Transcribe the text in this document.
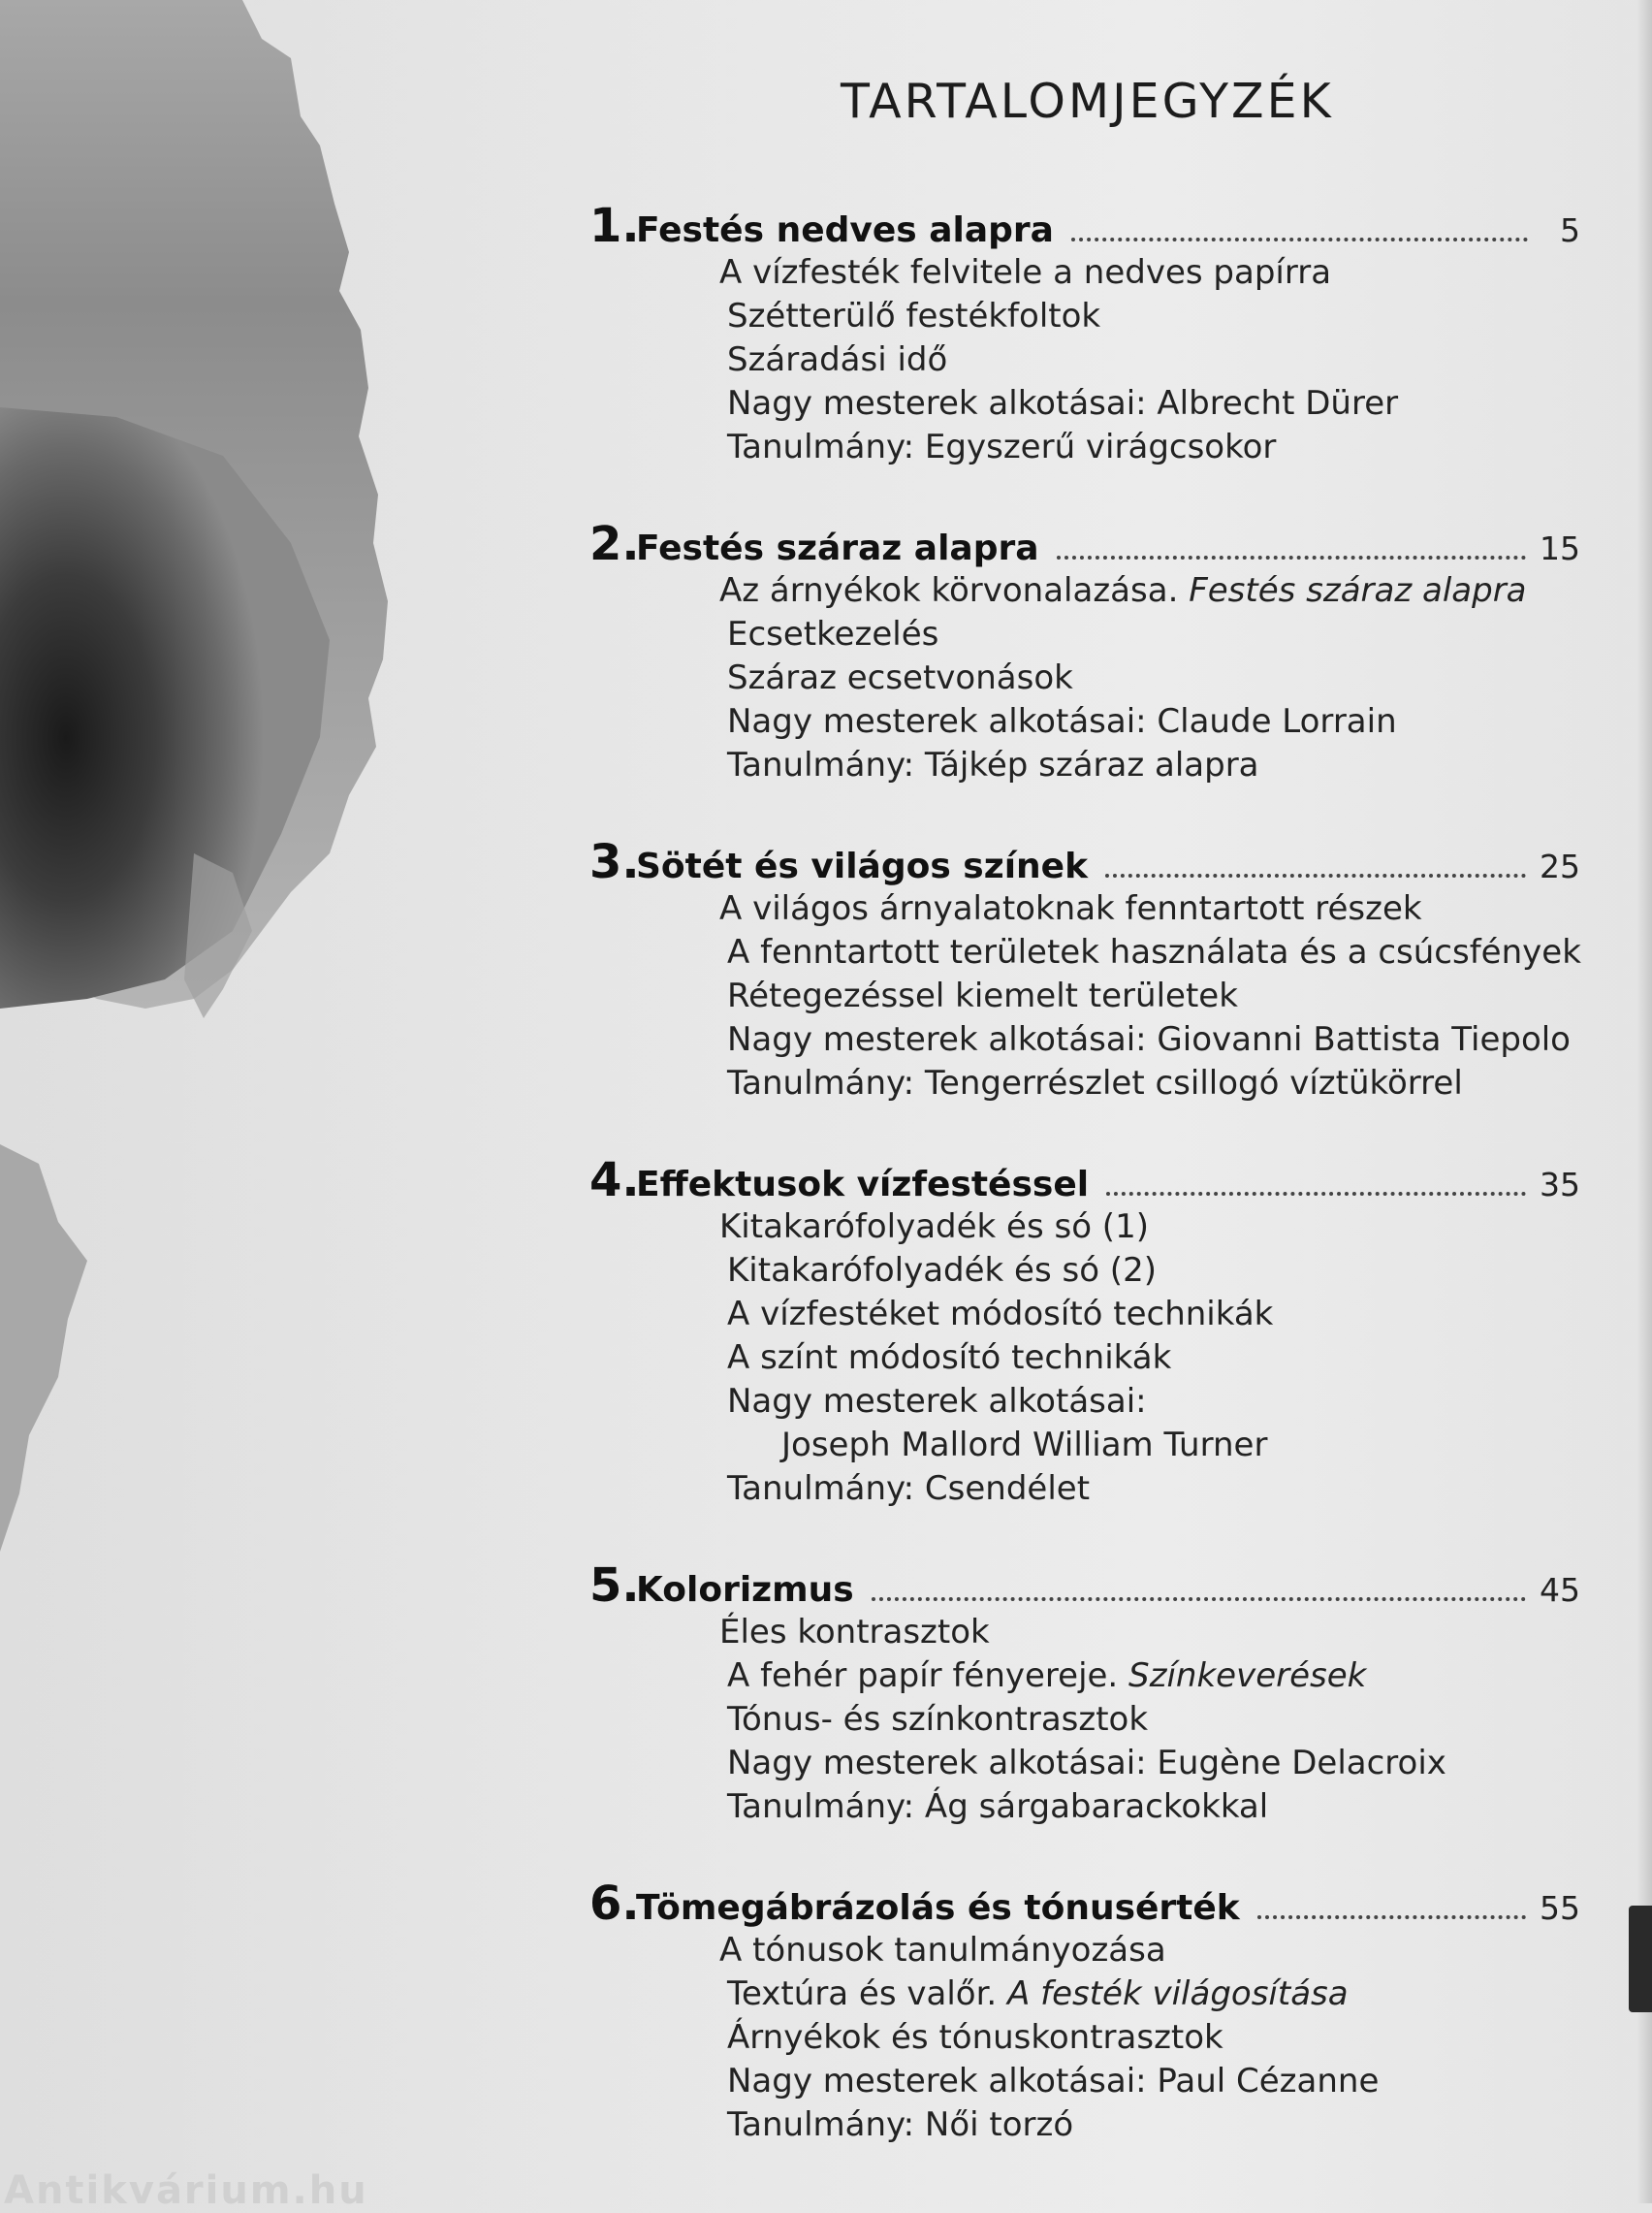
TARTALOMJEGYZÉK
1.
Festés nedves alapra	5
A vízfesték felvitele a nedves papírra
Szétterülő festékfoltok
Száradási idő
Nagy mesterek alkotásai: Albrecht Dürer
Tanulmány: Egyszerű virágcsokor
2.
Festés száraz alapra	15
Az árnyékok körvonalazása. Festés száraz alapra
Ecsetkezelés
Száraz ecsetvonások
Nagy mesterek alkotásai: Claude Lorrain
Tanulmány: Tájkép száraz alapra
3.
Sötét és világos színek	25
A világos árnyalatoknak fenntartott részek
A fenntartott területek használata és a csúcsfények
Rétegezéssel kiemelt területek
Nagy mesterek alkotásai: Giovanni Battista Tiepolo
Tanulmány: Tengerrészlet csillogó víztükörrel
4.
Effektusok vízfestéssel	35
Kitakarófolyadék és só (1)
Kitakarófolyadék és só (2)
A vízfestéket módosító technikák
A színt módosító technikák
Nagy mesterek alkotásai:
Joseph Mallord William Turner
Tanulmány: Csendélet
5.
Kolorizmus	45
Éles kontrasztok
A fehér papír fényereje. Színkeverések
Tónus- és színkontrasztok
Nagy mesterek alkotásai: Eugène Delacroix
Tanulmány: Ág sárgabarackokkal
6.
Tömegábrázolás és tónusérték	55
A tónusok tanulmányozása
Textúra és valőr. A festék világosítása
Árnyékok és tónuskontrasztok
Nagy mesterek alkotásai: Paul Cézanne
Tanulmány: Női torzó
Antikvárium.hu
